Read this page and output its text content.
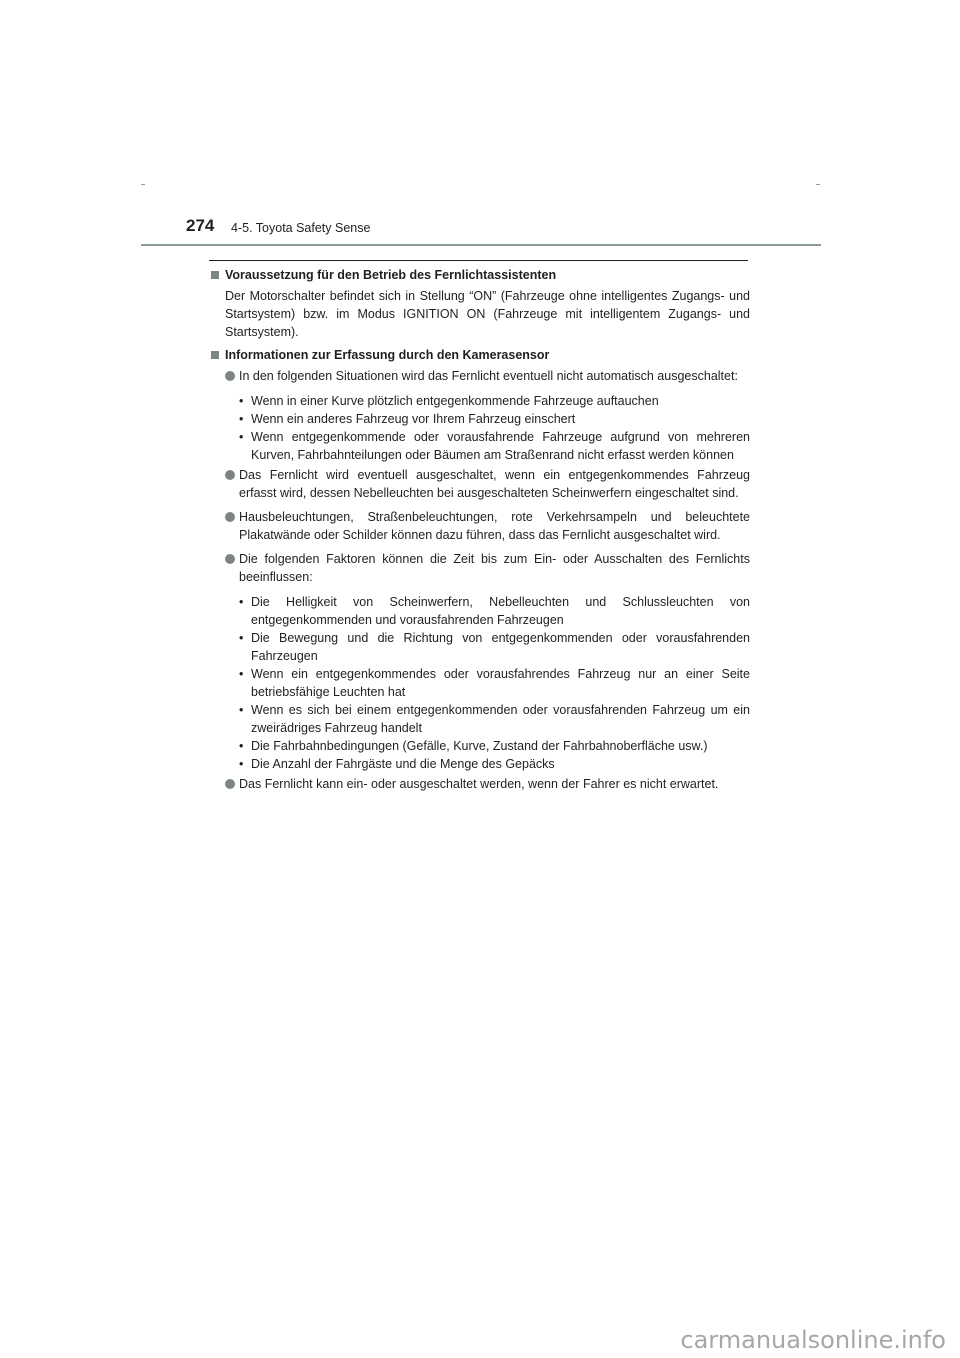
274 4-5. Toyota Safety Sense
Voraussetzung für den Betrieb des Fernlichtassistenten

Der Motorschalter befindet sich in Stellung “ON” (Fahrzeuge ohne intelligentes Zugangs- und Startsystem) bzw. im Modus IGNITION ON (Fahrzeuge mit intelligentem Zugangs- und Startsystem).

Informationen zur Erfassung durch den Kamerasensor
In den folgenden Situationen wird das Fernlicht eventuell nicht automatisch ausgeschaltet:
• Wenn in einer Kurve plötzlich entgegenkommende Fahrzeuge auftauchen
• Wenn ein anderes Fahrzeug vor Ihrem Fahrzeug einschert
• Wenn entgegenkommende oder vorausfahrende Fahrzeuge aufgrund von mehreren Kurven, Fahrbahnteilungen oder Bäumen am Straßenrand nicht erfasst werden können
Das Fernlicht wird eventuell ausgeschaltet, wenn ein entgegenkommendes Fahrzeug erfasst wird, dessen Nebelleuchten bei ausgeschalteten Scheinwerfern eingeschaltet sind.
Hausbeleuchtungen, Straßenbeleuchtungen, rote Verkehrsampeln und beleuchtete Plakatwände oder Schilder können dazu führen, dass das Fernlicht ausgeschaltet wird.
Die folgenden Faktoren können die Zeit bis zum Ein- oder Ausschalten des Fernlichts beeinflussen:
• Die Helligkeit von Scheinwerfern, Nebelleuchten und Schlussleuchten von entgegenkommenden und vorausfahrenden Fahrzeugen
• Die Bewegung und die Richtung von entgegenkommenden oder vorausfahrenden Fahrzeugen
• Wenn ein entgegenkommendes oder vorausfahrendes Fahrzeug nur an einer Seite betriebsfähige Leuchten hat
• Wenn es sich bei einem entgegenkommenden oder vorausfahrenden Fahrzeug um ein zweirädriges Fahrzeug handelt
• Die Fahrbahnbedingungen (Gefälle, Kurve, Zustand der Fahrbahnoberfläche usw.)
• Die Anzahl der Fahrgäste und die Menge des Gepäcks
Das Fernlicht kann ein- oder ausgeschaltet werden, wenn der Fahrer es nicht erwartet.
carmanualsonline.info
